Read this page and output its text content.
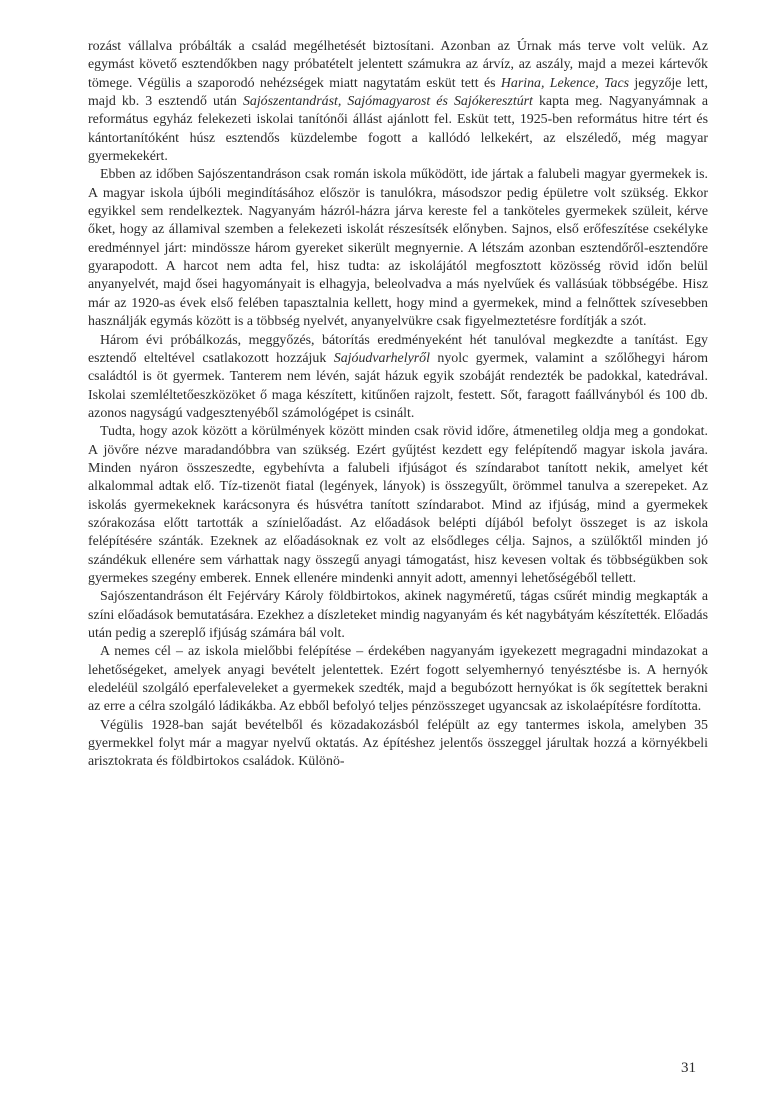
rozást vállalva próbálták a család megélhetését biztosítani. Azonban az Úrnak más terve volt velük. Az egymást követő esztendőkben nagy próbatételt jelentett számukra az árvíz, az aszály, majd a mezei kártevők tömege. Végülis a szaporodó nehézségek miatt nagytatám esküt tett és Harina, Lekence, Tacs jegyzője lett, majd kb. 3 esztendő után Sajószentandrást, Sajómagyarost és Sajókeresztúrt kapta meg. Nagyanyámnak a református egyház felekezeti iskolai tanítónői állást ajánlott fel. Esküt tett, 1925-ben református hitre tért és kántortanítóként húsz esztendős küzdelembe fogott a kallódó lelkekért, az elszéledő, még magyar gyermekekért.

Ebben az időben Sajószentandráson csak román iskola működött, ide jártak a falubeli magyar gyermekek is. A magyar iskola újbóli megindításához először is tanulókra, másodszor pedig épületre volt szükség. Ekkor egyikkel sem rendelkeztek. Nagyanyám házról-házra járva kereste fel a tanköteles gyermekek szüleit, kérve őket, hogy az államival szemben a felekezeti iskolát részesítsék előnyben. Sajnos, első erőfeszítése csekélyke eredménnyel járt: mindössze három gyereket sikerült megnyernie. A létszám azonban esztendőről-esztendőre gyarapodott. A harcot nem adta fel, hisz tudta: az iskolájától megfosztott közösség rövid időn belül anyanyelvét, majd ősei hagyományait is elhagyja, beleolvadva a más nyelvűek és vallásúak többségébe. Hisz már az 1920-as évek első felében tapasztalnia kellett, hogy mind a gyermekek, mind a felnőttek szívesebben használják egymás között is a többség nyelvét, anyanyelvükre csak figyelmeztetésre fordítják a szót.

Három évi próbálkozás, meggyőzés, bátorítás eredményeként hét tanulóval megkezdte a tanítást. Egy esztendő elteltével csatlakozott hozzájuk Sajóudvarhelyről nyolc gyermek, valamint a szőlőhegyi három családtól is öt gyermek. Tanterem nem lévén, saját házuk egyik szobáját rendezték be padokkal, katedrával. Iskolai szemléltetőeszközöket ő maga készített, kitűnően rajzolt, festett. Sőt, faragott faállványból és 100 db. azonos nagyságú vadgesztenyéből számológépet is csinált.

Tudta, hogy azok között a körülmények között minden csak rövid időre, átmenetileg oldja meg a gondokat. A jövőre nézve maradandóbbra van szükség. Ezért gyűjtést kezdett egy felépítendő magyar iskola javára. Minden nyáron összeszedte, egybehívta a falubeli ifjúságot és színdarabot tanított nekik, amelyet két alkalommal adtak elő. Tíz-tizenöt fiatal (legények, lányok) is összegyűlt, örömmel tanulva a szerepeket. Az iskolás gyermekeknek karácsonyra és húsvétra tanított színdarabot. Mind az ifjúság, mind a gyermekek szórakozása előtt tartották a színielőadást. Az előadások belépti díjából befolyt összeget is az iskola felépítésére szánták. Ezeknek az előadásoknak ez volt az elsődleges célja. Sajnos, a szülőktől minden jó szándékuk ellenére sem várhattak nagy összegű anyagi támogatást, hisz kevesen voltak és többségükben sok gyermekes szegény emberek. Ennek ellenére mindenki annyit adott, amennyi lehetőségéből tellett.

Sajószentandráson élt Fejérváry Károly földbirtokos, akinek nagyméretű, tágas csűrét mindig megkapták a színi előadások bemutatására. Ezekhez a díszleteket mindig nagyanyám és két nagybátyám készítették. Előadás után pedig a szereplő ifjúság számára bál volt.

A nemes cél – az iskola mielőbbi felépítése – érdekében nagyanyám igyekezett megragadni mindazokat a lehetőségeket, amelyek anyagi bevételt jelentettek. Ezért fogott selyemhernyó tenyésztésbe is. A hernyók eledeléül szolgáló eperfaleveleket a gyermekek szedték, majd a begubózott hernyókat is ők segítettek berakni az erre a célra szolgáló ládikákba. Az ebből befolyó teljes pénzösszeget ugyancsak az iskolaépítésre fordította.

Végülis 1928-ban saját bevételből és közadakozásból felépült az egy tantermes iskola, amelyben 35 gyermekkel folyt már a magyar nyelvű oktatás. Az építéshez jelentős összeggel járultak hozzá a környékbeli arisztokrata és földbirtokos családok. Különö-

31
